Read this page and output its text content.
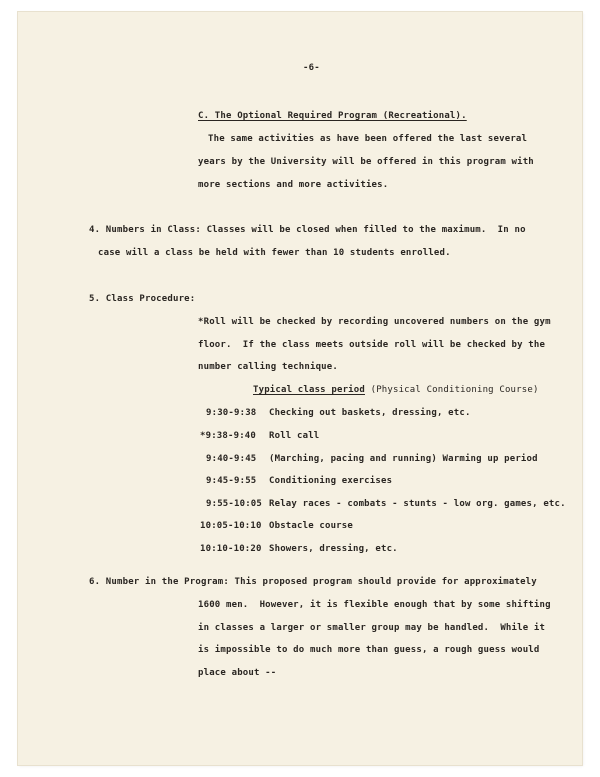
-6-
C. The Optional Required Program (Recreational).
The same activities as have been offered the last several
years by the University will be offered in this program with
more sections and more activities.
4. Numbers in Class: Classes will be closed when filled to the maximum.  In no
case will a class be held with fewer than 10 students enrolled.
5. Class Procedure:
*Roll will be checked by recording uncovered numbers on the gym
floor.  If the class meets outside roll will be checked by the
number calling technique.
Typical class period (Physical Conditioning Course)
9:30-9:38 Checking out baskets, dressing, etc.
*9:38-9:40 Roll call
9:40-9:45 (Marching, pacing and running) Warming up period
9:45-9:55 Conditioning exercises
9:55-10:05 Relay races - combats - stunts - low org. games, etc.
10:05-10:10 Obstacle course
10:10-10:20 Showers, dressing, etc.
6. Number in the Program: This proposed program should provide for approximately
1600 men.  However, it is flexible enough that by some shifting
in classes a larger or smaller group may be handled.  While it
is impossible to do much more than guess, a rough guess would
place about --
